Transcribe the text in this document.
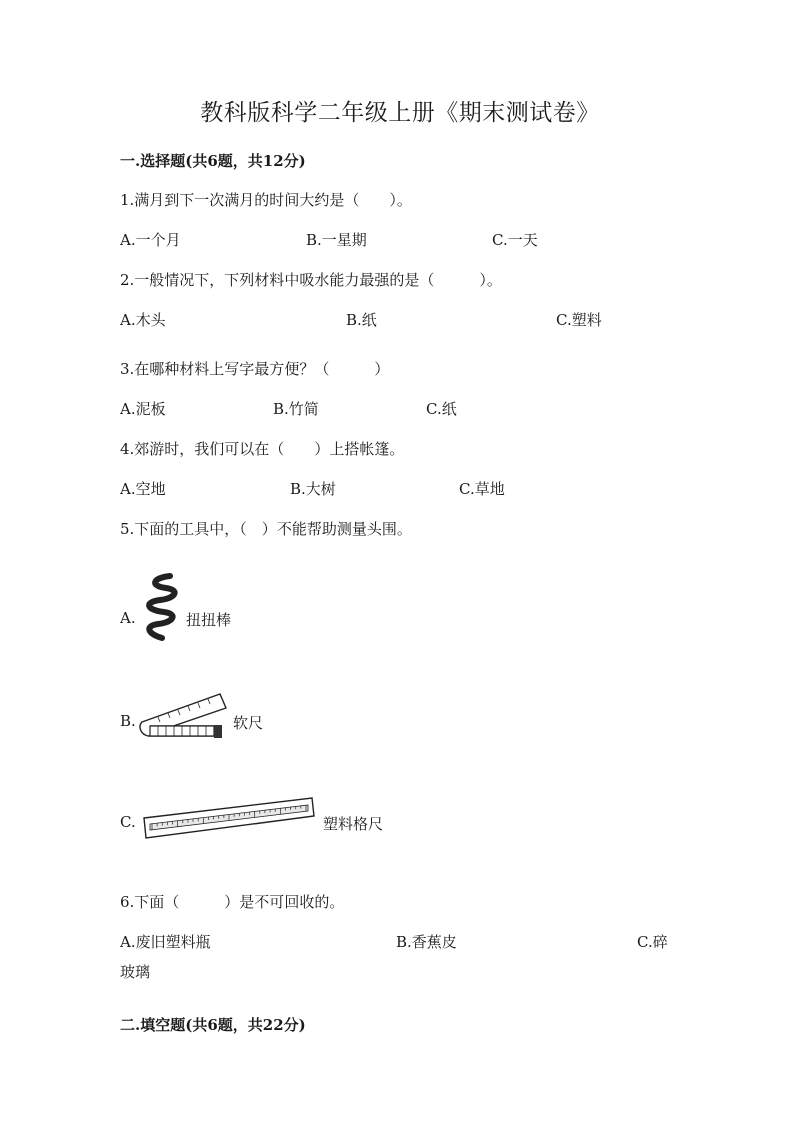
教科版科学二年级上册《期末测试卷》
一.选择题(共6题，共12分)
1.满月到下一次满月的时间大约是（　　）。
A.一个月	B.一星期	C.一天
2.一般情况下，下列材料中吸水能力最强的是（　　　）。
A.木头	B.纸	C.塑料
3.在哪种材料上写字最方便？（　　　）
A.泥板	B.竹简	C.纸
4.郊游时，我们可以在（　　）上搭帐篷。
A.空地	B.大树	C.草地
5.下面的工具中，（　）不能帮助测量头围。
A.	扭扭棒
B.	软尺
C.	塑料格尺
6.下面（　　　）是不可回收的。
A.废旧塑料瓶	B.香蕉皮	C.碎
玻璃
二.填空题(共6题，共22分)
